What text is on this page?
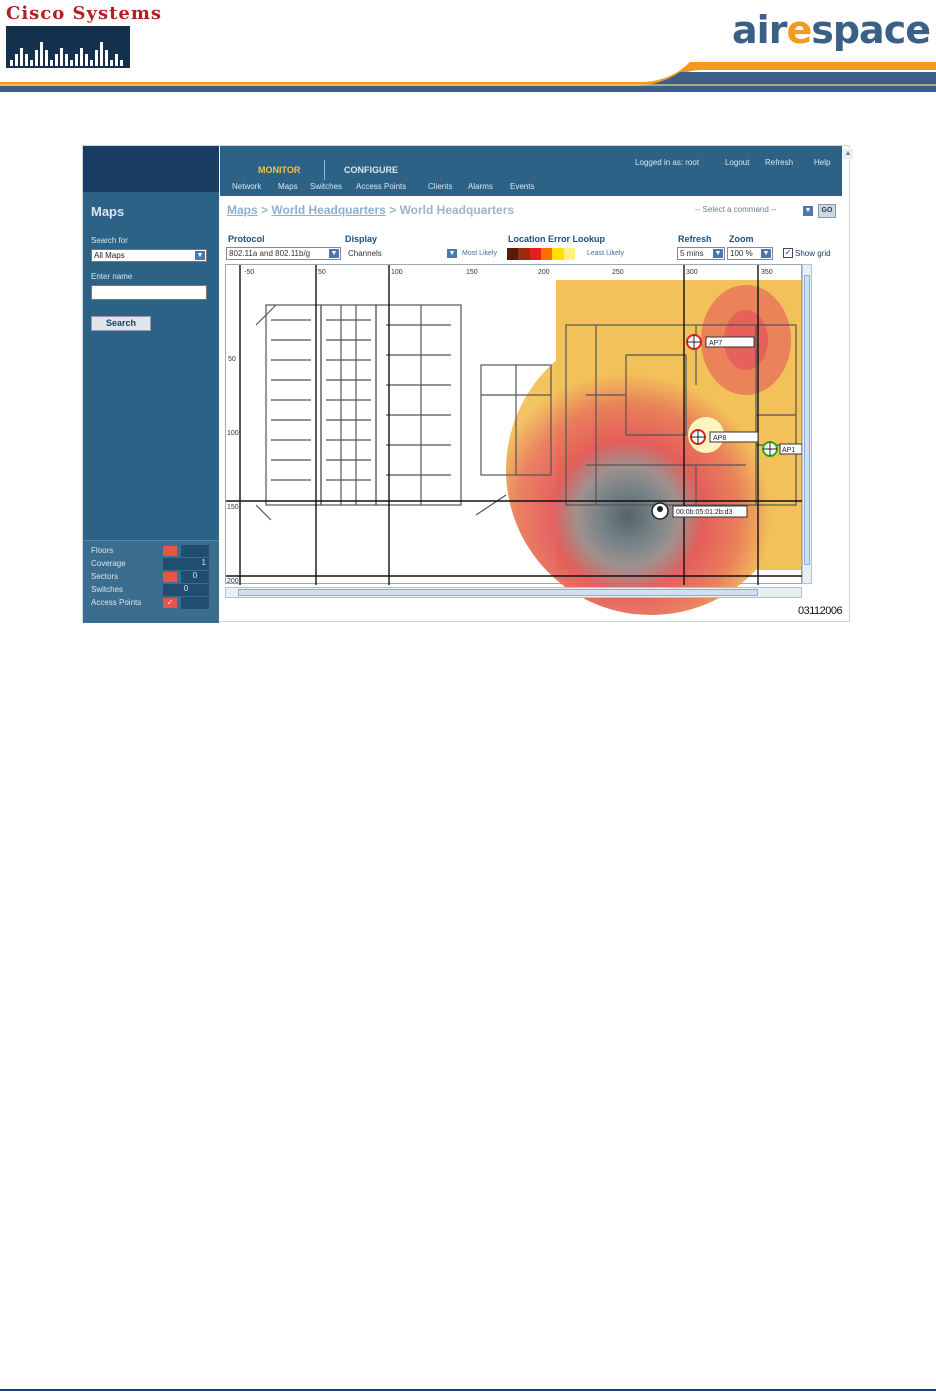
Cisco Systems	airespace
Maps
Search for
All Maps	▼
Enter name
Search
Floors
Coverage	1
Sectors	0
Switches	0
Access Points	✓
MONITOR	CONFIGURE
Network Maps Switches Access Points	Clients Alarms Events
Logged in as: root	Logout Refresh	Help
▲
Maps > World Headquarters > World Headquarters	-- Select a command --	▼	GO
Protocol
802.11a and 802.11b/g	▼
Display
Channels	▼
Location Error Lookup
Most Likely	Least Likely
Refresh
5 mins ▼
Zoom
100 % ▼ ✓ Show grid
-50	50	100	150	200	250	300	350
50
100
150
200
AP7
AP8
AP1
00:0b:05:01:2b:d3
03112006
